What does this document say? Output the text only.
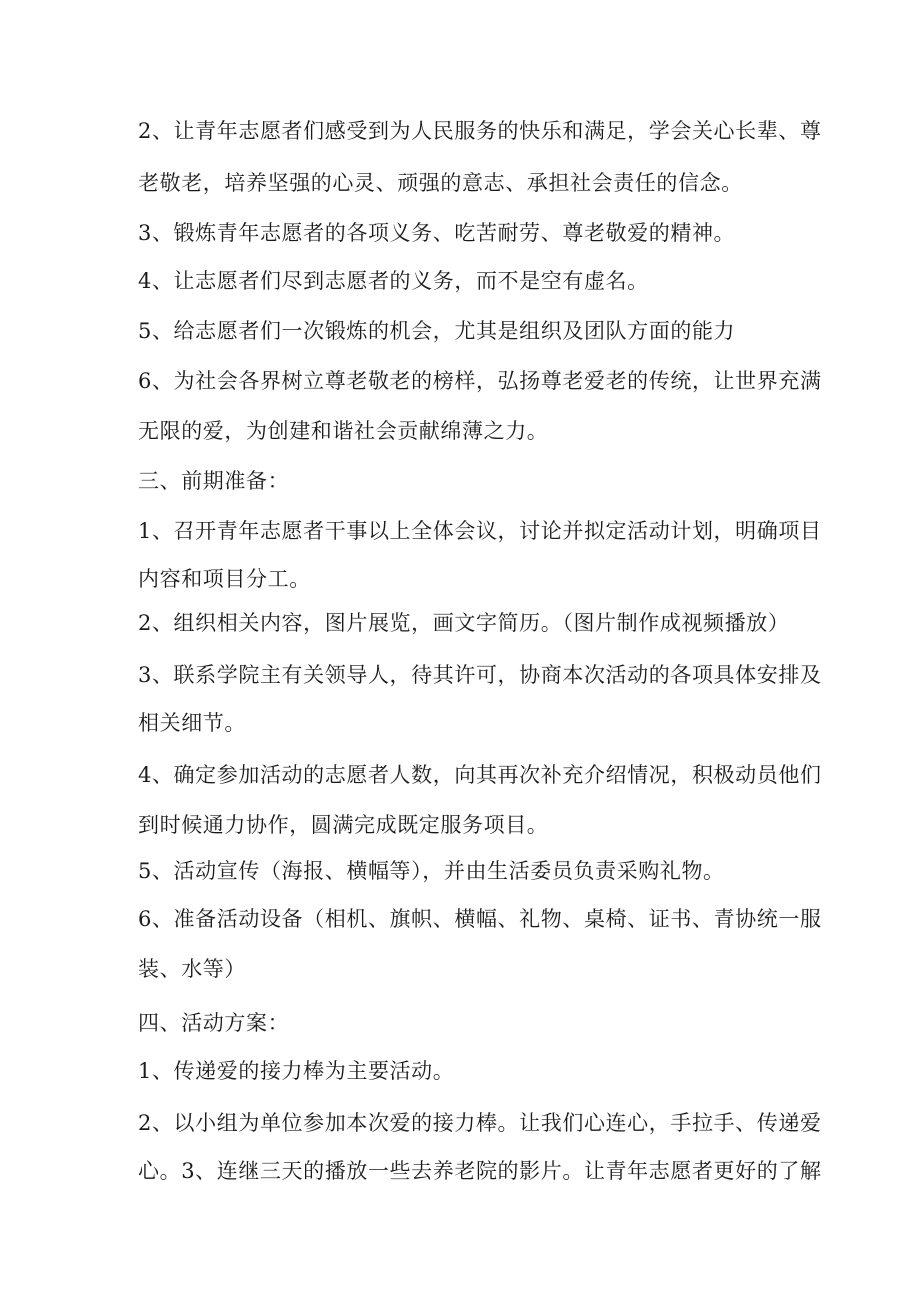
2、让青年志愿者们感受到为人民服务的快乐和满足，学会关心长辈、尊
老敬老，培养坚强的心灵、顽强的意志、承担社会责任的信念。
3、锻炼青年志愿者的各项义务、吃苦耐劳、尊老敬爱的精神。
4、让志愿者们尽到志愿者的义务，而不是空有虚名。
5、给志愿者们一次锻炼的机会，尤其是组织及团队方面的能力
6、为社会各界树立尊老敬老的榜样，弘扬尊老爱老的传统，让世界充满
无限的爱，为创建和谐社会贡献绵薄之力。
三、前期准备：
1、召开青年志愿者干事以上全体会议，讨论并拟定活动计划，明确项目
内容和项目分工。
2、组织相关内容，图片展览，画文字简历。（图片制作成视频播放）
3、联系学院主有关领导人，待其许可，协商本次活动的各项具体安排及
相关细节。
4、确定参加活动的志愿者人数，向其再次补充介绍情况，积极动员他们
到时候通力协作，圆满完成既定服务项目。
5、活动宣传（海报、横幅等），并由生活委员负责采购礼物。
6、准备活动设备（相机、旗帜、横幅、礼物、桌椅、证书、青协统一服
装、水等）
四、活动方案：
1、传递爱的接力棒为主要活动。
2、以小组为单位参加本次爱的接力棒。让我们心连心，手拉手、传递爱
心。3、连继三天的播放一些去养老院的影片。让青年志愿者更好的了解
